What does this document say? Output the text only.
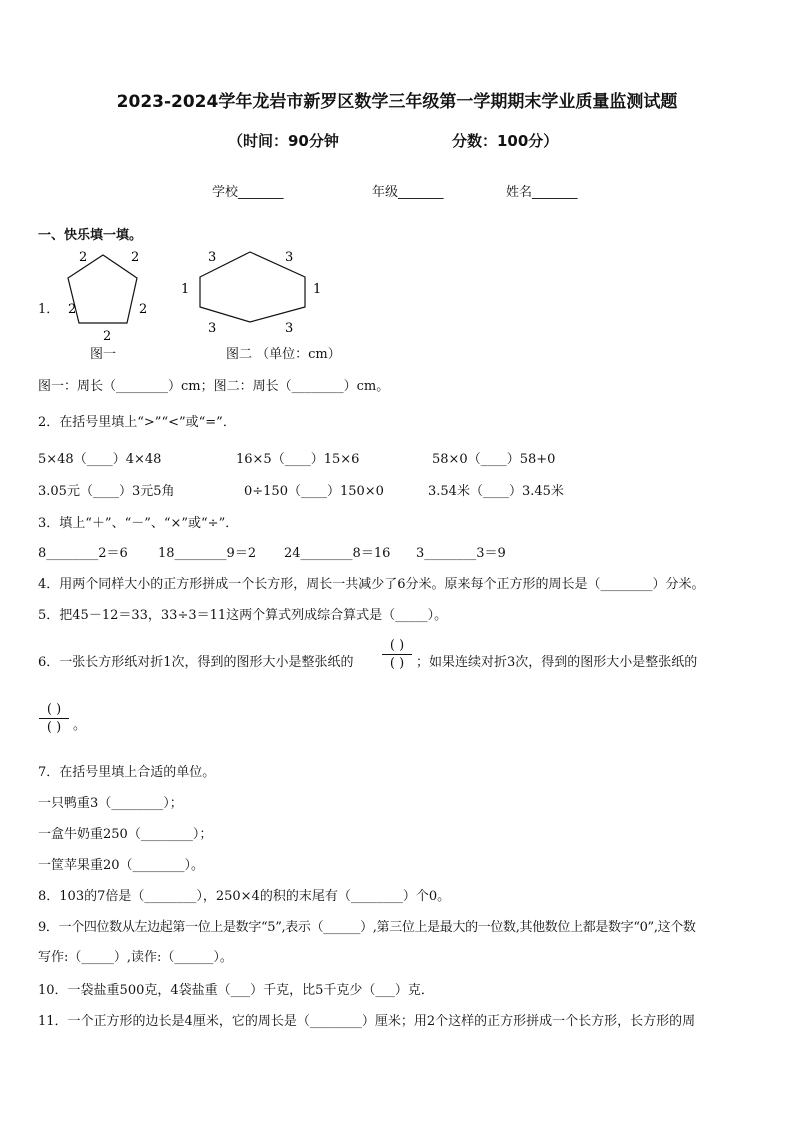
2023-2024学年龙岩市新罗区数学三年级第一学期期末学业质量监测试题
（时间：90分钟	分数：100分）
学校_______	年级_______	姓名_______
一、快乐填一填。
1．
2	2
2	2
2
3	3
1	1
3	3
图一	图二 （单位：cm）
图一：周长（________）cm；图二：周长（________）cm。
2．在括号里填上“>”“<”或“=”．
5×48（____）4×48	16×5（____）15×6	58×0（____）58+0
3.05元（____）3元5角	0÷150（____）150×0	3.54米（____）3.45米
3．填上“＋”、“－”、“×”或“÷”．
8________2＝6 18________9＝2 24________8＝16 3________3＝9
4．用两个同样大小的正方形拼成一个长方形，周长一共减少了6分米。原来每个正方形的周长是（________）分米。
5．把45－12＝33，33÷3＝11这两个算式列成综合算式是（_____）。
6．一张长方形纸对折1次，得到的图形大小是整张纸的
( )
( ) ；如果连续对折3次，得到的图形大小是整张纸的
( )
( ) 。
7．在括号里填上合适的单位。
一只鸭重3（________）；
一盒牛奶重250（________）；
一筐苹果重20（________）。
8．103的7倍是（________），250×4的积的末尾有（________）个0。
9．一个四位数从左边起第一位上是数字“5”,表示（______）,第三位上是最大的一位数,其他数位上都是数字“0”,这个数
写作:（_____）,读作:（______）。
10．一袋盐重500克，4袋盐重（___）千克，比5千克少（___）克．
11．一个正方形的边长是4厘米，它的周长是（________）厘米；用2个这样的正方形拼成一个长方形，长方形的周
